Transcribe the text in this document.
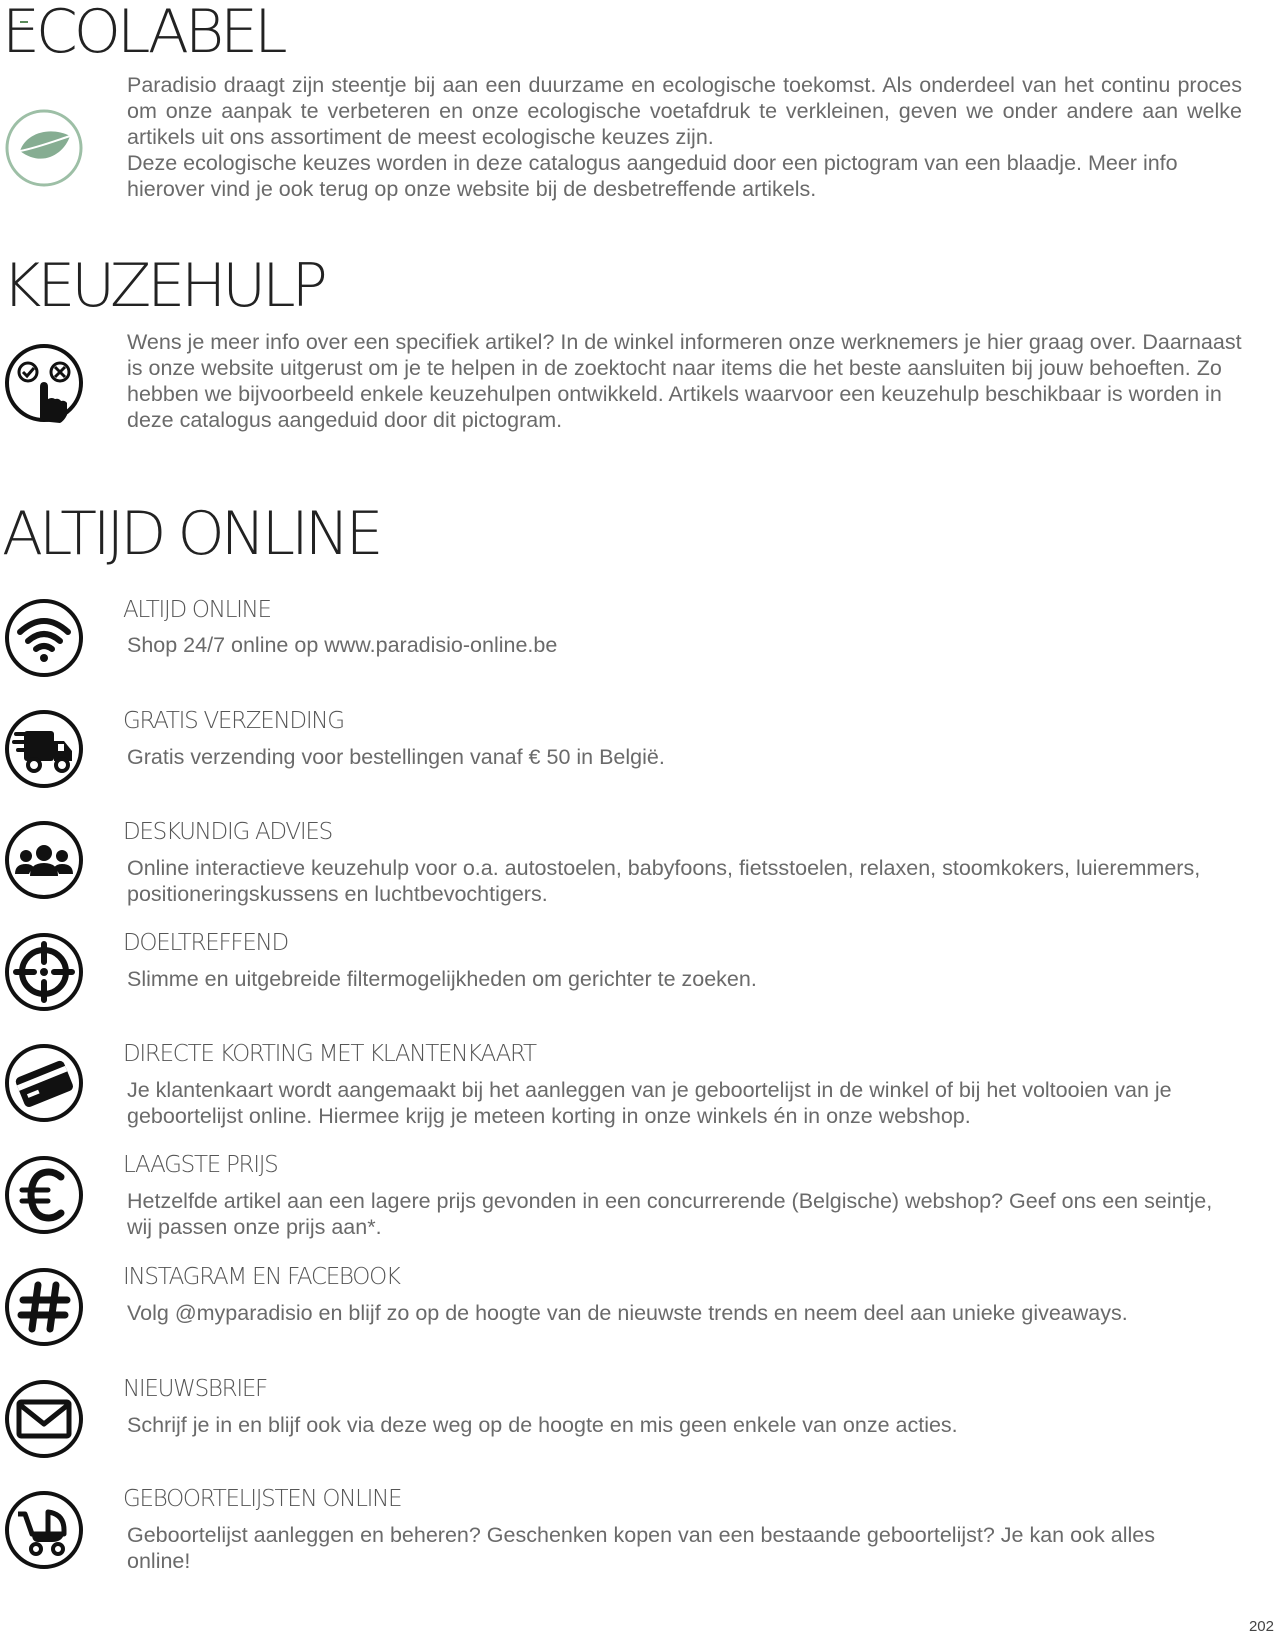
ECOLABEL

Paradisio draagt zijn steentje bij aan een duurzame en ecologische toekomst. Als onderdeel van het continu proces om onze aanpak te verbeteren en onze ecologische voetafdruk te verkleinen, geven we onder andere aan welke artikels uit ons assortiment de meest ecologische keuzes zijn.

Deze ecologische keuzes worden in deze catalogus aangeduid door een pictogram van een blaadje. Meer info hierover vind je ook terug op onze website bij de desbetreffende artikels.

KEUZEHULP
Wens je meer info over een specifiek artikel? In de winkel informeren onze werknemers je hier graag over. Daarnaast is onze website uitgerust om je te helpen in de zoektocht naar items die het beste aansluiten bij jouw behoeften. Zo hebben we bijvoorbeeld enkele keuzehulpen ontwikkeld. Artikels waarvoor een keuzehulp beschikbaar is worden in deze catalogus aangeduid door dit pictogram.
ALTIJD ONLINE
ALTIJD ONLINE

Shop 24/7 online op www.paradisio-online.be

GRATIS VERZENDING

Gratis verzending voor bestellingen vanaf € 50 in België.

DESKUNDIG ADVIES

Online interactieve keuzehulp voor o.a. autostoelen, babyfoons, fietsstoelen, relaxen, stoomkokers, luieremmers, positioneringskussens en luchtbevochtigers.

DOELTREFFEND

Slimme en uitgebreide filtermogelijkheden om gerichter te zoeken.

DIRECTE KORTING MET KLANTENKAART

Je klantenkaart wordt aangemaakt bij het aanleggen van je geboortelijst in de winkel of bij het voltooien van je geboortelijst online. Hiermee krijg je meteen korting in onze winkels én in onze webshop.

LAAGSTE PRIJS

Hetzelfde artikel aan een lagere prijs gevonden in een concurrerende (Belgische) webshop? Geef ons een seintje, wij passen onze prijs aan*.

INSTAGRAM EN FACEBOOK

Volg @myparadisio en blijf zo op de hoogte van de nieuwste trends en neem deel aan unieke giveaways.

NIEUWSBRIEF

Schrijf je in en blijf ook via deze weg op de hoogte en mis geen enkele van onze acties.

GEBOORTELIJSTEN ONLINE

Geboortelijst aanleggen en beheren? Geschenken kopen van een bestaande geboortelijst? Je kan ook alles online!

202
